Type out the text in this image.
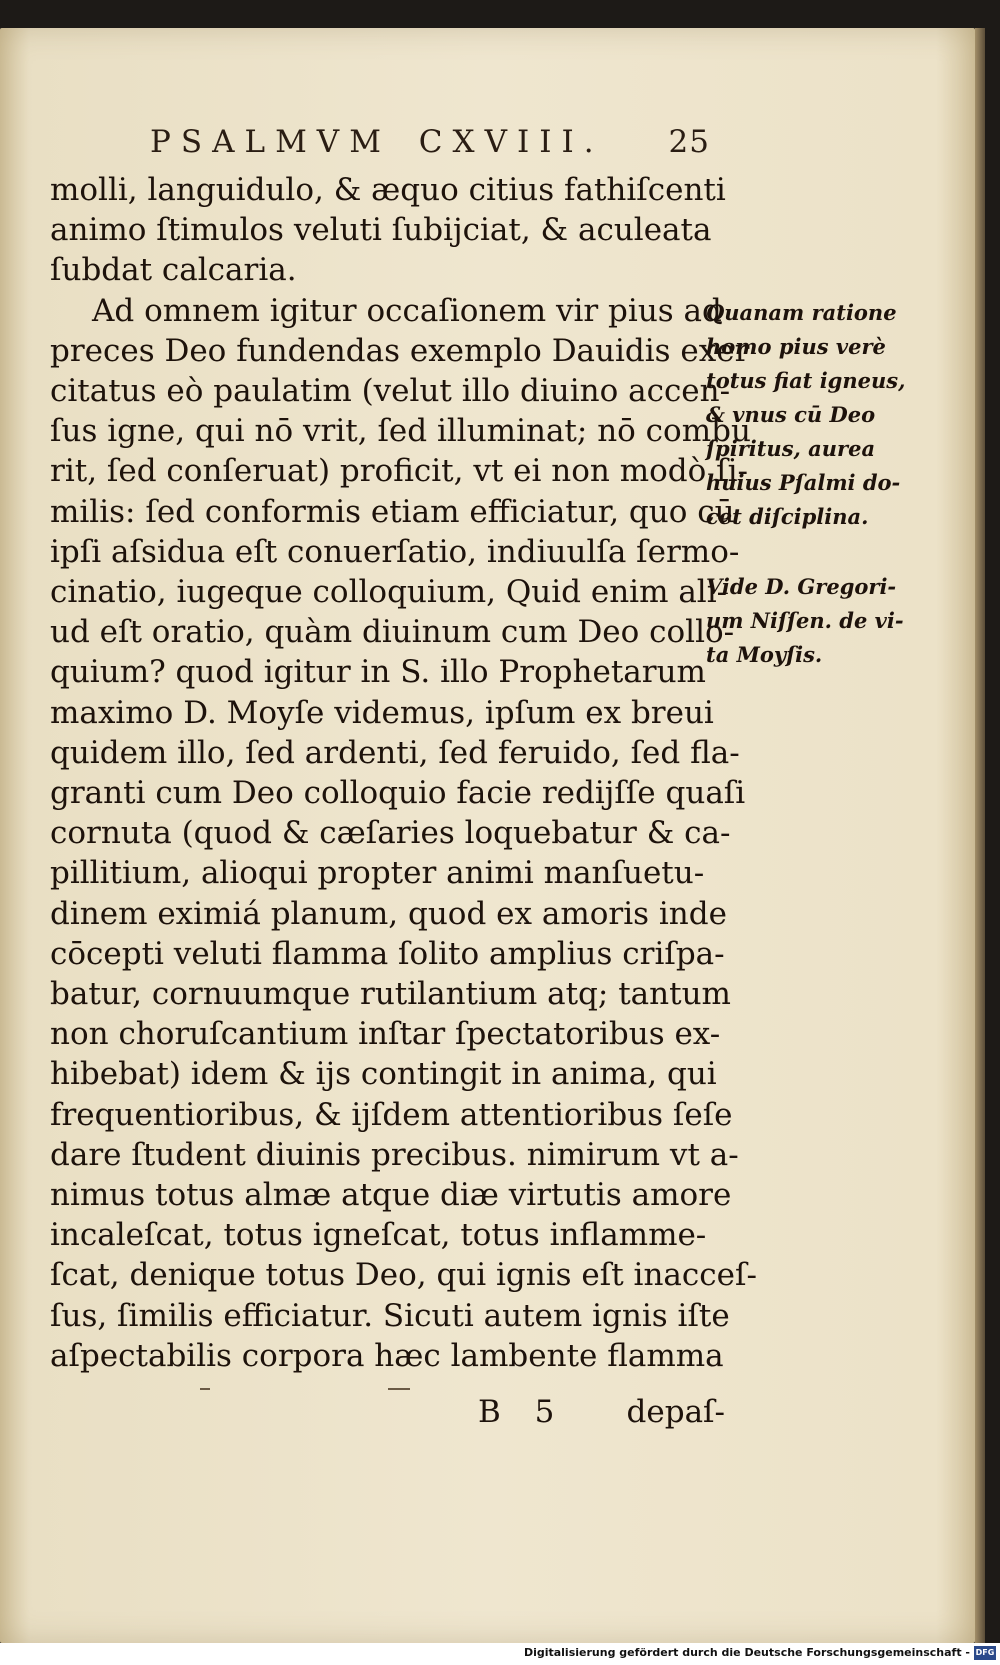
PSALMVM CXVIII. 25
molli, languidulo, & æquo citius fathiſcenti
animo ſtimulos veluti ſubijciat, & aculeata
ſubdat calcaria.
Ad omnem igitur occaſionem vir pius ad
preces Deo fundendas exemplo Dauidis exer
citatus eò paulatim (velut illo diuino accen-
ſus igne, qui nō vrit, ſed illuminat; nō combu
rit, ſed conſeruat) proficit, vt ei non modò ſi-
milis: ſed conformis etiam efficiatur, quo cū
ipſi aſsidua eſt conuerſatio, indiuulſa ſermo-
cinatio, iugeque colloquium, Quid enim ali-
ud eſt oratio, quàm diuinum cum Deo collo-
quium? quod igitur in S. illo Prophetarum
maximo D. Moyſe videmus, ipſum ex breui
quidem illo, ſed ardenti, ſed feruido, ſed fla-
granti cum Deo colloquio facie redijſſe quaſi
cornuta (quod & cæſaries loquebatur & ca-
pillitium, alioqui propter animi manſuetu-
dinem eximiá planum, quod ex amoris inde
cōcepti veluti flamma ſolito amplius criſpa-
batur, cornuumque rutilantium atq; tantum
non choruſcantium inſtar ſpectatoribus ex-
hibebat) idem & ijs contingit in anima, qui
frequentioribus, & ijſdem attentioribus ſeſe
dare ſtudent diuinis precibus. nimirum vt a-
nimus totus almæ atque diæ virtutis amore
incaleſcat, totus igneſcat, totus inflamme-
ſcat, denique totus Deo, qui ignis eſt inacceſ-
ſus, ſimilis efficiatur. Sicuti autem ignis iſte
aſpectabilis corpora hæc lambente flamma
Quanam ratione
homo pius verè
totus fiat igneus,
& vnus cū Deo
ſpiritus, aurea
huius Pſalmi do-
cet diſciplina.
Vide D. Gregori-
um Niſſen. de vi-
ta Moyſis.
B 5 depaſ-
Digitalisierung gefördert durch die Deutsche Forschungsgemeinschaft - DFG
